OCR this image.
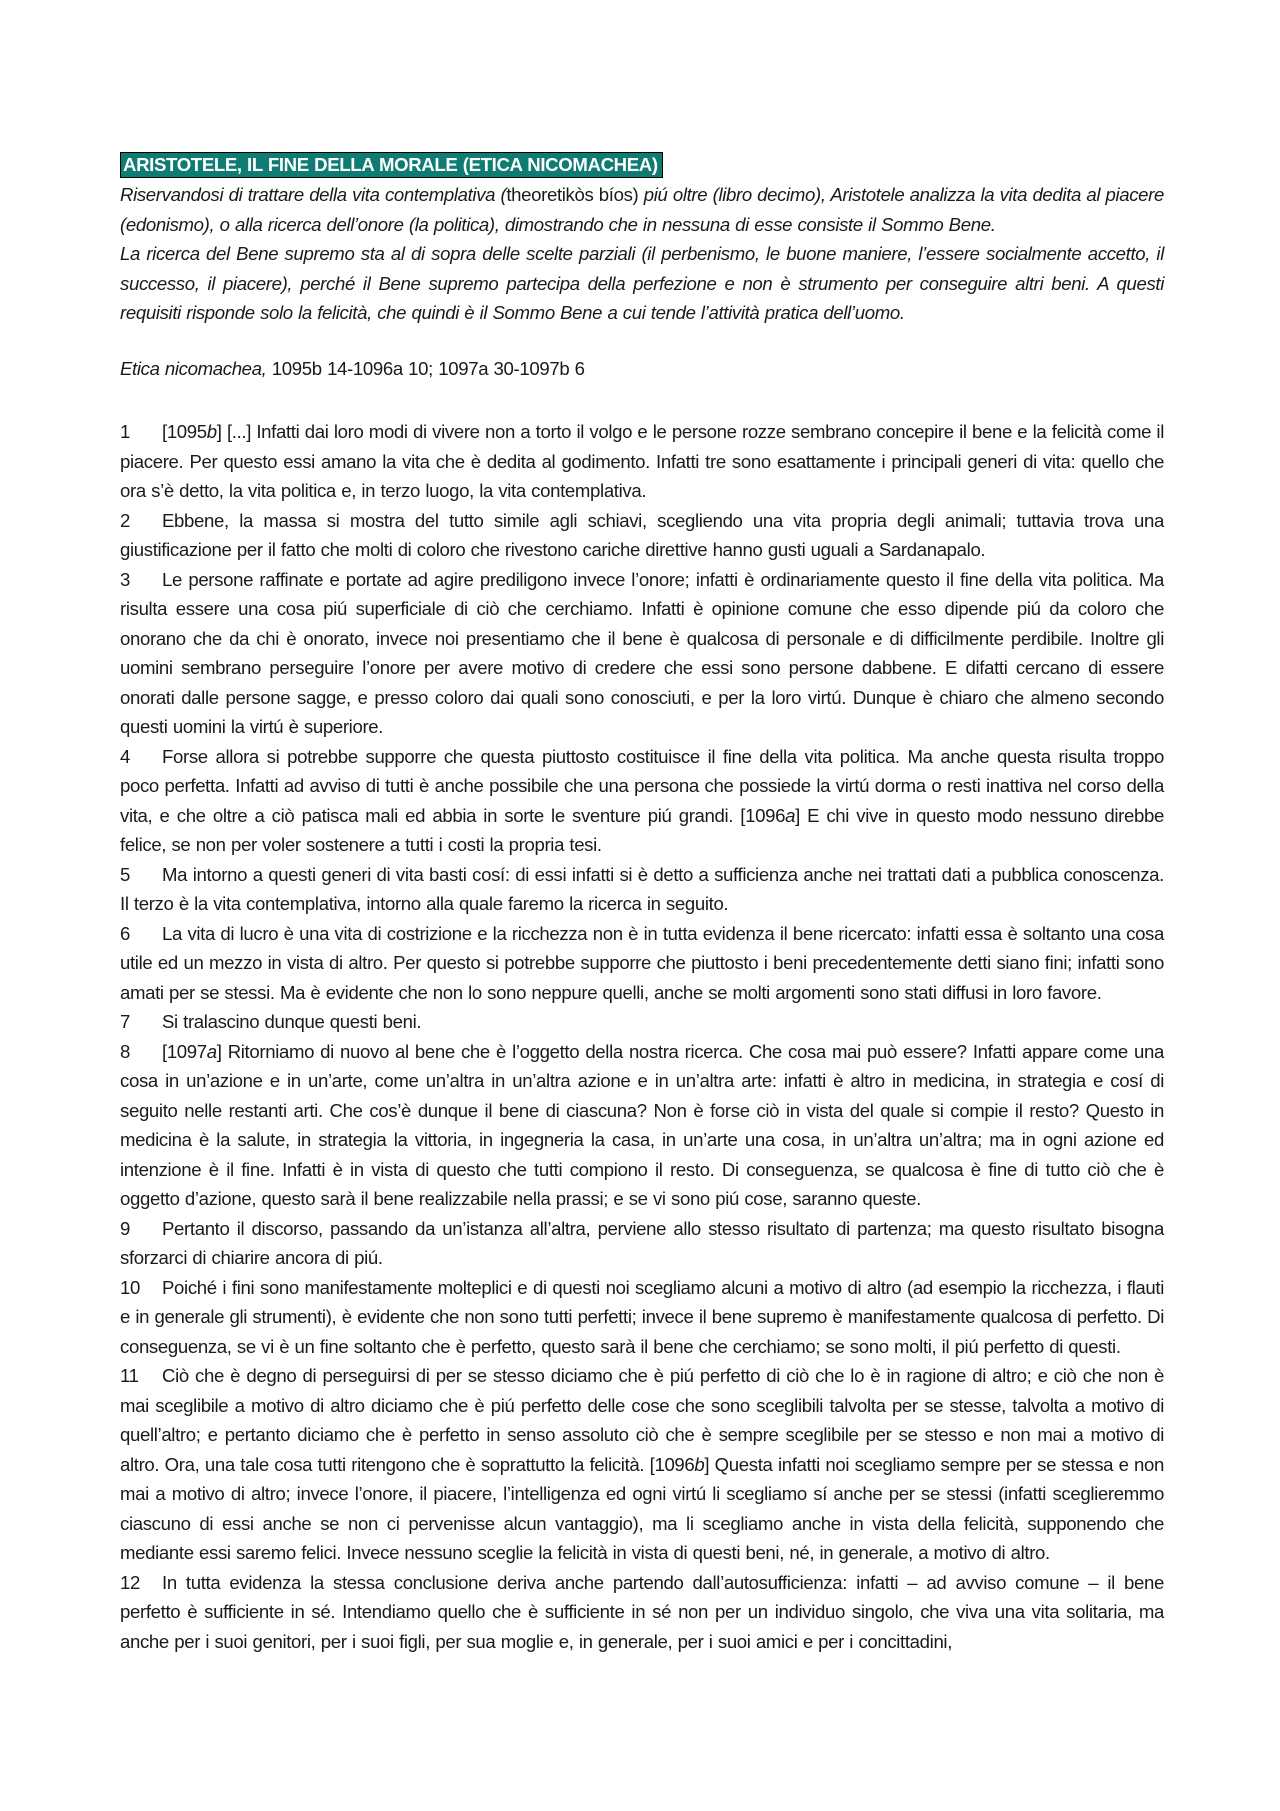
ARISTOTELE, IL FINE DELLA MORALE (ETICA NICOMACHEA)

Riservandosi di trattare della vita contemplativa (theoretikòs bíos) piú oltre (libro decimo), Aristotele analizza la vita dedita al piacere (edonismo), o alla ricerca dell’onore (la politica), dimostrando che in nessuna di esse consiste il Sommo Bene.

La ricerca del Bene supremo sta al di sopra delle scelte parziali (il perbenismo, le buone maniere, l’essere socialmente accetto, il successo, il piacere), perché il Bene supremo partecipa della perfezione e non è strumento per conseguire altri beni. A questi requisiti risponde solo la felicità, che quindi è il Sommo Bene a cui tende l’attività pratica dell’uomo.

Etica nicomachea, 1095b 14-1096a 10; 1097a 30-1097b 6

1 [1095b] [...] Infatti dai loro modi di vivere non a torto il volgo e le persone rozze sembrano concepire il bene e la felicità come il piacere. Per questo essi amano la vita che è dedita al godimento. Infatti tre sono esattamente i principali generi di vita: quello che ora s’è detto, la vita politica e, in terzo luogo, la vita contemplativa.

2 Ebbene, la massa si mostra del tutto simile agli schiavi, scegliendo una vita propria degli animali; tuttavia trova una giustificazione per il fatto che molti di coloro che rivestono cariche direttive hanno gusti uguali a Sardanapalo.

3 Le persone raffinate e portate ad agire prediligono invece l’onore; infatti è ordinariamente questo il fine della vita politica. Ma risulta essere una cosa piú superficiale di ciò che cerchiamo. Infatti è opinione comune che esso dipende piú da coloro che onorano che da chi è onorato, invece noi presentiamo che il bene è qualcosa di personale e di difficilmente perdibile. Inoltre gli uomini sembrano perseguire l’onore per avere motivo di credere che essi sono persone dabbene. E difatti cercano di essere onorati dalle persone sagge, e presso coloro dai quali sono conosciuti, e per la loro virtú. Dunque è chiaro che almeno secondo questi uomini la virtú è superiore.

4 Forse allora si potrebbe supporre che questa piuttosto costituisce il fine della vita politica. Ma anche questa risulta troppo poco perfetta. Infatti ad avviso di tutti è anche possibile che una persona che possiede la virtú dorma o resti inattiva nel corso della vita, e che oltre a ciò patisca mali ed abbia in sorte le sventure piú grandi. [1096a] E chi vive in questo modo nessuno direbbe felice, se non per voler sostenere a tutti i costi la propria tesi.

5 Ma intorno a questi generi di vita basti cosí: di essi infatti si è detto a sufficienza anche nei trattati dati a pubblica conoscenza. Il terzo è la vita contemplativa, intorno alla quale faremo la ricerca in seguito.

6 La vita di lucro è una vita di costrizione e la ricchezza non è in tutta evidenza il bene ricercato: infatti essa è soltanto una cosa utile ed un mezzo in vista di altro. Per questo si potrebbe supporre che piuttosto i beni precedentemente detti siano fini; infatti sono amati per se stessi. Ma è evidente che non lo sono neppure quelli, anche se molti argomenti sono stati diffusi in loro favore.

7 Si tralascino dunque questi beni.

8 [1097a] Ritorniamo di nuovo al bene che è l’oggetto della nostra ricerca. Che cosa mai può essere? Infatti appare come una cosa in un’azione e in un’arte, come un’altra in un’altra azione e in un’altra arte: infatti è altro in medicina, in strategia e cosí di seguito nelle restanti arti. Che cos’è dunque il bene di ciascuna? Non è forse ciò in vista del quale si compie il resto? Questo in medicina è la salute, in strategia la vittoria, in ingegneria la casa, in un’arte una cosa, in un’altra un’altra; ma in ogni azione ed intenzione è il fine. Infatti è in vista di questo che tutti compiono il resto. Di conseguenza, se qualcosa è fine di tutto ciò che è oggetto d’azione, questo sarà il bene realizzabile nella prassi; e se vi sono piú cose, saranno queste.

9 Pertanto il discorso, passando da un’istanza all’altra, perviene allo stesso risultato di partenza; ma questo risultato bisogna sforzarci di chiarire ancora di piú.

10 Poiché i fini sono manifestamente molteplici e di questi noi scegliamo alcuni a motivo di altro (ad esempio la ricchezza, i flauti e in generale gli strumenti), è evidente che non sono tutti perfetti; invece il bene supremo è manifestamente qualcosa di perfetto. Di conseguenza, se vi è un fine soltanto che è perfetto, questo sarà il bene che cerchiamo; se sono molti, il piú perfetto di questi.

11 Ciò che è degno di perseguirsi di per se stesso diciamo che è piú perfetto di ciò che lo è in ragione di altro; e ciò che non è mai sceglibile a motivo di altro diciamo che è piú perfetto delle cose che sono sceglibili talvolta per se stesse, talvolta a motivo di quell’altro; e pertanto diciamo che è perfetto in senso assoluto ciò che è sempre sceglibile per se stesso e non mai a motivo di altro. Ora, una tale cosa tutti ritengono che è soprattutto la felicità. [1096b] Questa infatti noi scegliamo sempre per se stessa e non mai a motivo di altro; invece l’onore, il piacere, l’intelligenza ed ogni virtú li scegliamo sí anche per se stessi (infatti sceglieremmo ciascuno di essi anche se non ci pervenisse alcun vantaggio), ma li scegliamo anche in vista della felicità, supponendo che mediante essi saremo felici. Invece nessuno sceglie la felicità in vista di questi beni, né, in generale, a motivo di altro.

12 In tutta evidenza la stessa conclusione deriva anche partendo dall’autosufficienza: infatti – ad avviso comune – il bene perfetto è sufficiente in sé. Intendiamo quello che è sufficiente in sé non per un individuo singolo, che viva una vita solitaria, ma anche per i suoi genitori, per i suoi figli, per sua moglie e, in generale, per i suoi amici e per i concittadini,
